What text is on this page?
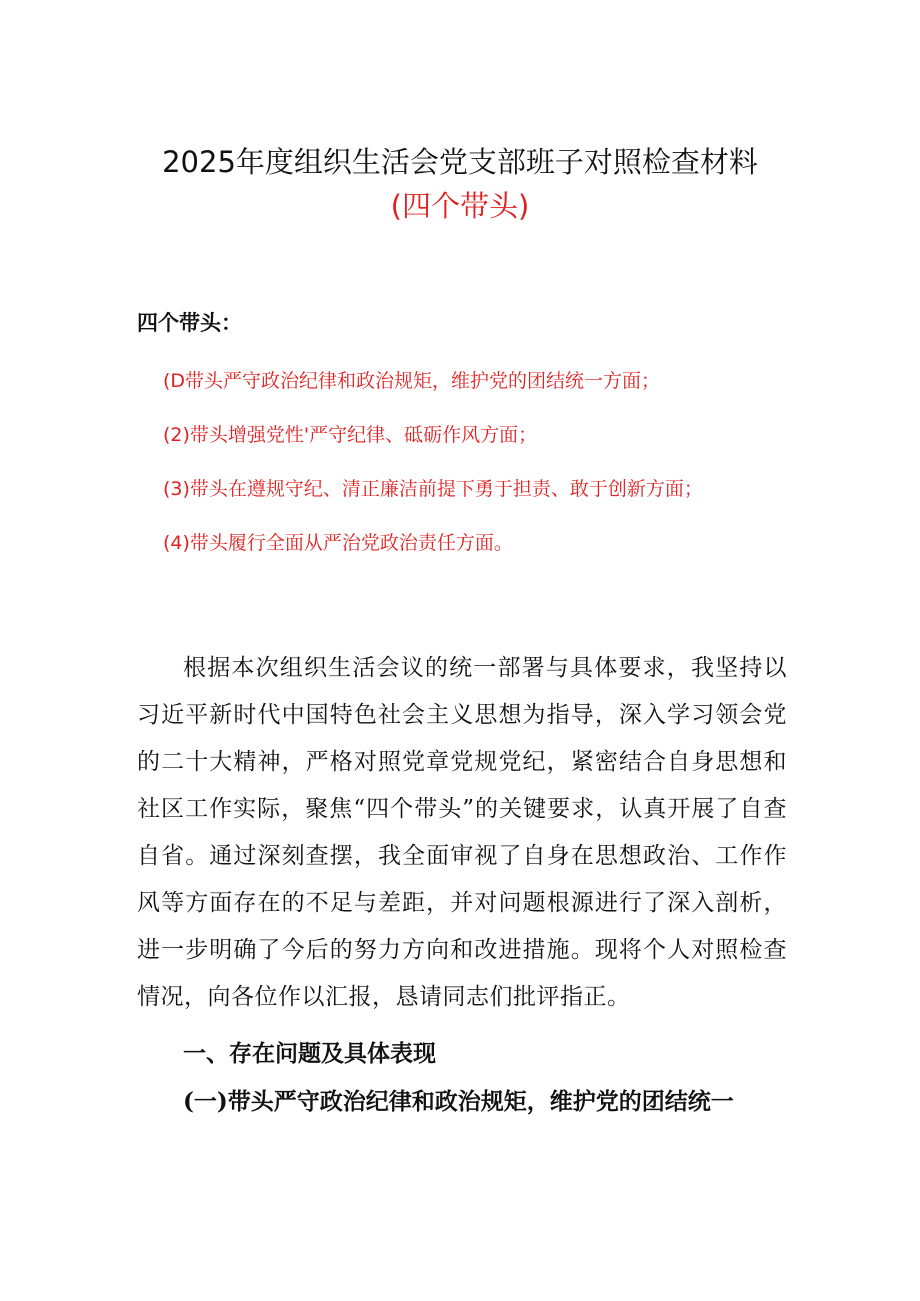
2025年度组织生活会党支部班子对照检查材料
(四个带头)
四个带头：
(D带头严守政治纪律和政治规矩，维护党的团结统一方面；
(2)带头增强党性'严守纪律、砥砺作风方面；
(3)带头在遵规守纪、清正廉洁前提下勇于担责、敢于创新方面；
(4)带头履行全面从严治党政治责任方面。

根据本次组织生活会议的统一部署与具体要求，我坚持以习近平新时代中国特色社会主义思想为指导，深入学习领会党的二十大精神，严格对照党章党规党纪，紧密结合自身思想和社区工作实际，聚焦“四个带头”的关键要求，认真开展了自查自省。通过深刻查摆，我全面审视了自身在思想政治、工作作风等方面存在的不足与差距，并对问题根源进行了深入剖析，进一步明确了今后的努力方向和改进措施。现将个人对照检查情况，向各位作以汇报，恳请同志们批评指正。

一、存在问题及具体表现
(一)带头严守政治纪律和政治规矩，维护党的团结统一
